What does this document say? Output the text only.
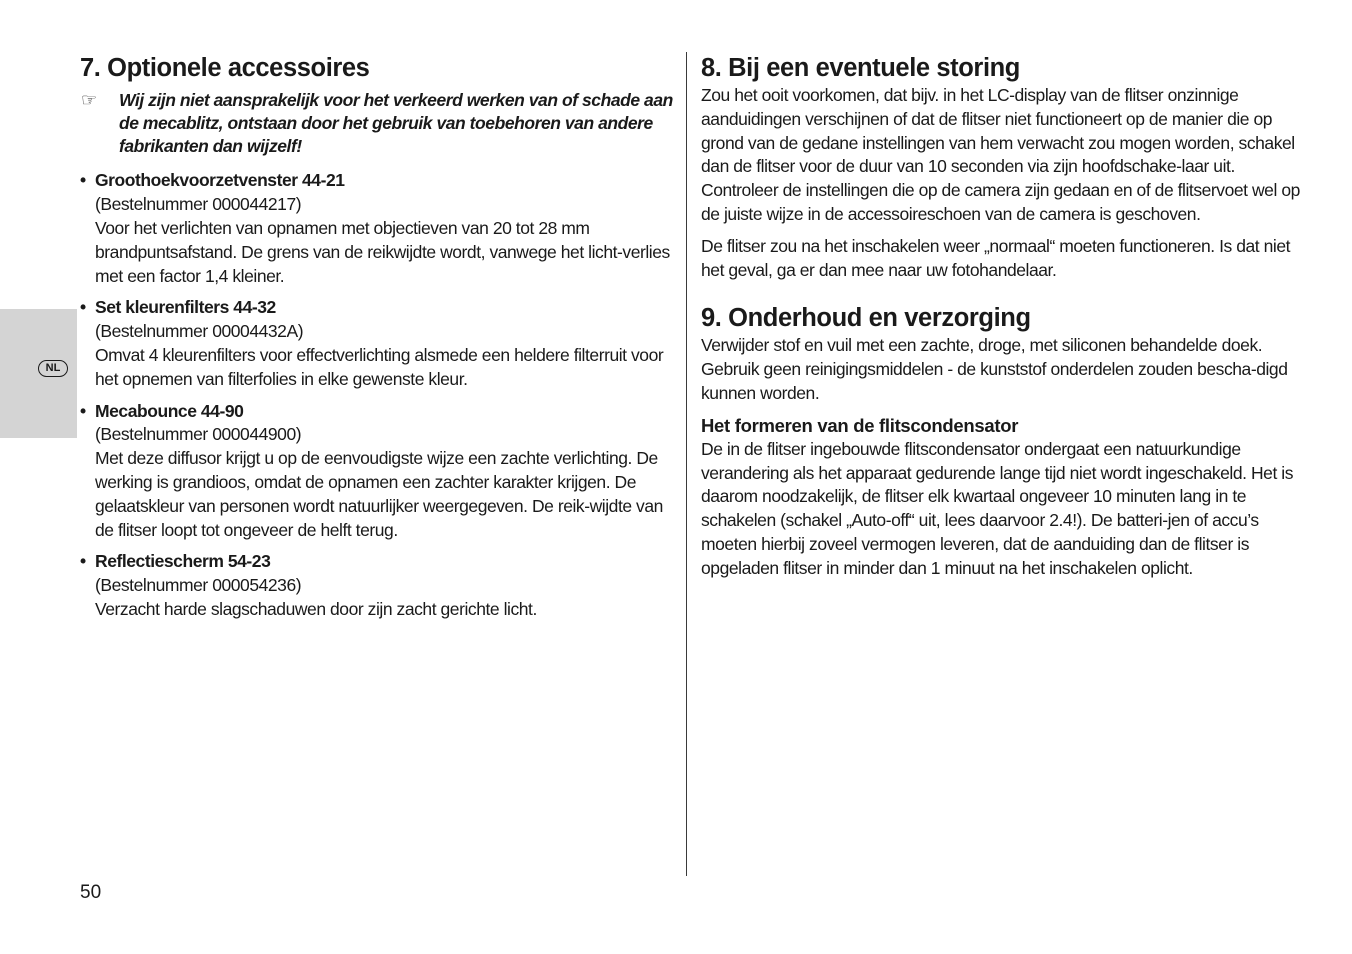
NL
7. Optionele accessoires
☞	Wij zijn niet aansprakelijk voor het verkeerd werken van of schade aan de mecablitz, ontstaan door het gebruik van toebehoren van andere fabrikanten dan wijzelf!
• Groothoekvoorzetvenster 44-21
(Bestelnummer 000044217)
Voor het verlichten van opnamen met objectieven van 20 tot 28 mm brandpuntsafstand. De grens van de reikwijdte wordt, vanwege het licht-verlies met een factor 1,4 kleiner.
• Set kleurenfilters 44-32
(Bestelnummer 00004432A)
Omvat 4 kleurenfilters voor effectverlichting alsmede een heldere filterruit voor het opnemen van filterfolies in elke gewenste kleur.
• Mecabounce 44-90
(Bestelnummer 000044900)
Met deze diffusor krijgt u op de eenvoudigste wijze een zachte verlichting. De werking is grandioos, omdat de opnamen een zachter karakter krijgen. De gelaatskleur van personen wordt natuurlijker weergegeven. De reik-wijdte van de flitser loopt tot ongeveer de helft terug.
• Reflectiescherm 54-23
(Bestelnummer 000054236)
Verzacht harde slagschaduwen door zijn zacht gerichte licht.
8. Bij een eventuele storing

Zou het ooit voorkomen, dat bijv. in het LC-display van de flitser onzinnige aanduidingen verschijnen of dat de flitser niet functioneert op de manier die op grond van de gedane instellingen van hem verwacht zou mogen worden, schakel dan de flitser voor de duur van 10 seconden via zijn hoofdschake-laar uit. Controleer de instellingen die op de camera zijn gedaan en of de flitservoet wel op de juiste wijze in de accessoireschoen van de camera is geschoven.

De flitser zou na het inschakelen weer „normaal“ moeten functioneren. Is dat niet het geval, ga er dan mee naar uw fotohandelaar.

9. Onderhoud en verzorging

Verwijder stof en vuil met een zachte, droge, met siliconen behandelde doek. Gebruik geen reinigingsmiddelen - de kunststof onderdelen zouden bescha-digd kunnen worden.

Het formeren van de flitscondensator

De in de flitser ingebouwde flitscondensator ondergaat een natuurkundige verandering als het apparaat gedurende lange tijd niet wordt ingeschakeld. Het is daarom noodzakelijk, de flitser elk kwartaal ongeveer 10 minuten lang in te schakelen (schakel „Auto-off“ uit, lees daarvoor 2.4!). De batteri-jen of accu’s moeten hierbij zoveel vermogen leveren, dat de aanduiding dan de flitser is opgeladen flitser in minder dan 1 minuut na het inschakelen oplicht.

50
